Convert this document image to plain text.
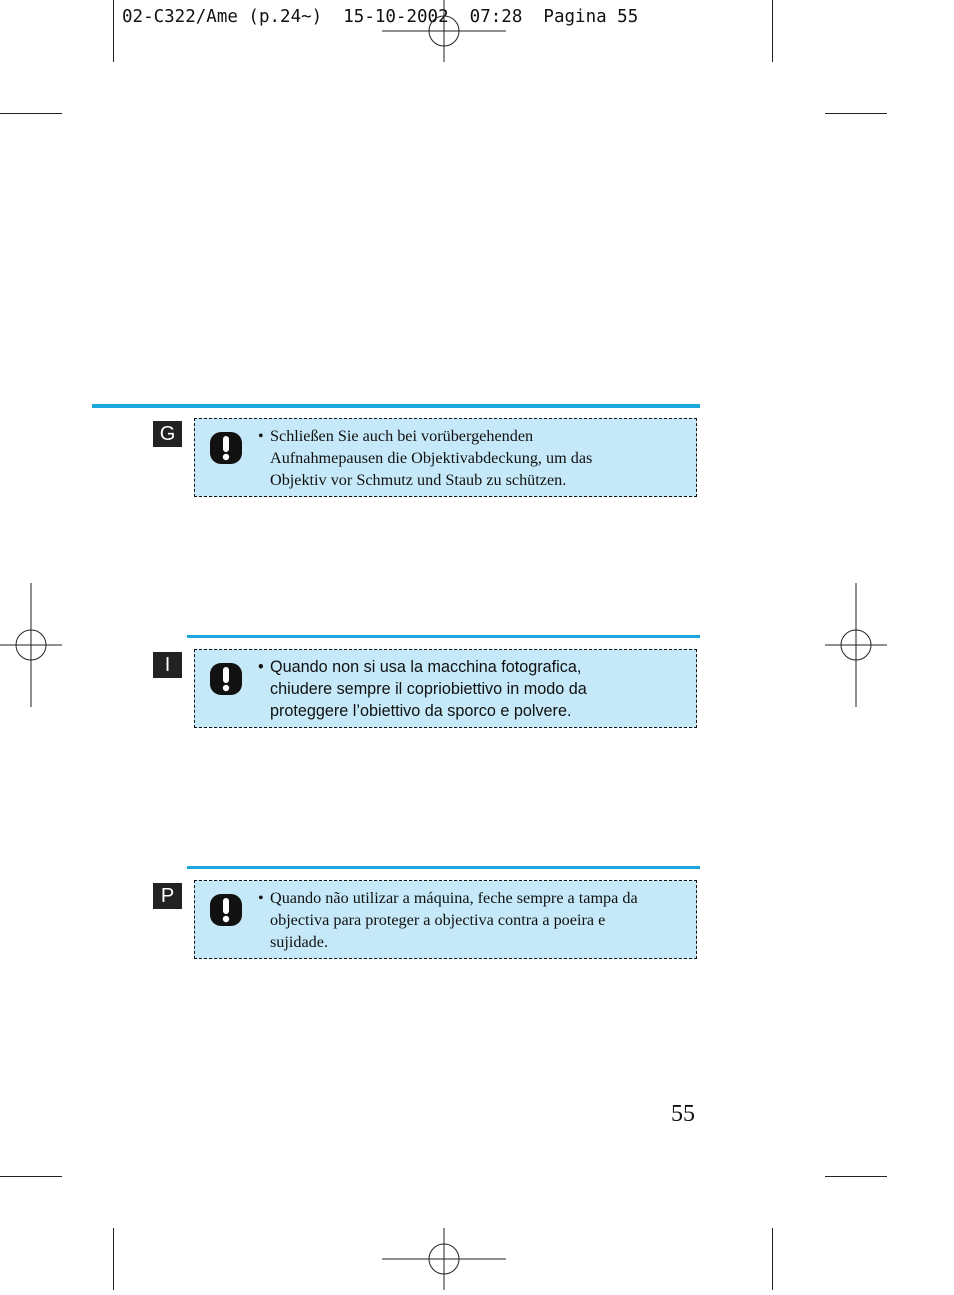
02-C322/Ame (p.24~)  15-10-2002  07:28  Pagina 55
G	• Schließen Sie auch bei vorübergehenden
Aufnahmepausen die Objektivabdeckung, um das
Objektiv vor Schmutz und Staub zu schützen.
I	• Quando non si usa la macchina fotografica,
chiudere sempre il copriobiettivo in modo da
proteggere l’obiettivo da sporco e polvere.
P	• Quando não utilizar a máquina, feche sempre a tampa da
objectiva para proteger a objectiva contra a poeira e
sujidade.
55
